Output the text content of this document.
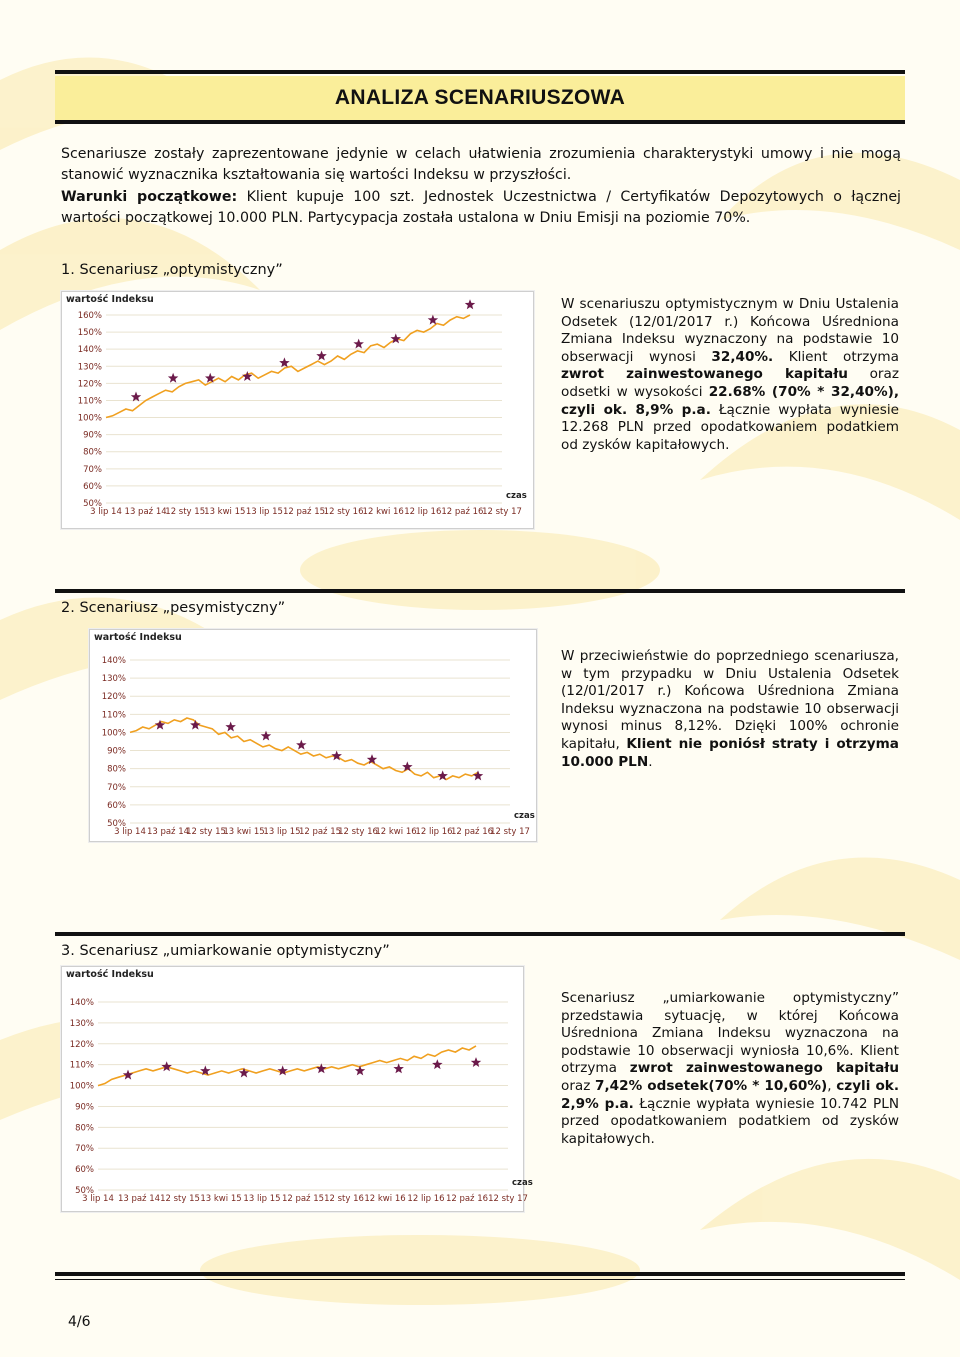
ANALIZA SCENARIUSZOWA

Scenariusze zostały zaprezentowane jedynie w celach ułatwienia zrozumienia charakterystyki umowy i nie mogą stanowić wyznacznika kształtowania się wartości Indeksu w przyszłości.

Warunki początkowe: Klient kupuje 100 szt. Jednostek Uczestnictwa / Certyfikatów Depozytowych o łącznej wartości początkowej 10.000 PLN. Partycypacja została ustalona w Dniu Emisji na poziomie 70%.

1. Scenariusz „optymistyczny”
wartość Indeksu
160%
150%
140%
130%
120%
110%
100%
90%
80%
70%
60%
50%
3 lip 14 13 paź 14
12 sty 15 13 kwi 15 13 lip 15 12 paź 15
12 sty 16 12 kwi 16 12 lip 16 12 paź 16
12 sty 17
czas

W scenariuszu optymistycznym w Dniu Ustalenia Odsetek (12/01/2017 r.) Końcowa Uśredniona Zmiana Indeksu wyznaczony na podstawie 10 obserwacji wynosi 32,40%. Klient otrzyma zwrot zainwestowanego kapitału oraz odsetki w wysokości 22.68% (70% * 32,40%), czyli ok. 8,9% p.a. Łącznie wypłata wyniesie 12.268 PLN przed opodatkowaniem podatkiem od zysków kapitałowych.

2. Scenariusz „pesymistyczny”
wartość Indeksu
140%
130%
120%
110%
100%
90%
80%
70%
60%
50%
3 lip 14 13 paź 14
12 sty 15
13 kwi 15
13 lip 15
12 paź 15
12 sty 16
12 kwi 16
12 lip 16
12 paź 16
12 sty 17
czas

W przeciwieństwie do poprzedniego scenariusza, w tym przypadku w Dniu Ustalenia Odsetek (12/01/2017 r.) Końcowa Uśredniona Zmiana Indeksu wyznaczona na podstawie 10 obserwacji wynosi minus 8,12%. Dzięki 100% ochronie kapitału, Klient nie poniósł straty i otrzyma 10.000 PLN.

3. Scenariusz „umiarkowanie optymistyczny”
wartość Indeksu
140%
130%
120%
110%
100%
90%
80%
70%
60%
50%
3 lip 14 13 paź 14 12 sty 15 13 kwi 15 13 lip 15 12 paź 15 12 sty 16 12 kwi 16 12 lip 16 12 paź 16 12 sty 17
czas

Scenariusz „umiarkowanie optymistyczny” przedstawia sytuację, w której Końcowa Uśredniona Zmiana Indeksu wyznaczona na podstawie 10 obserwacji wyniosła 10,6%. Klient otrzyma zwrot zainwestowanego kapitału oraz 7,42% odsetek(70% * 10,60%), czyli ok. 2,9% p.a. Łącznie wypłata wyniesie 10.742 PLN przed opodatkowaniem podatkiem od zysków kapitałowych.

4/6
